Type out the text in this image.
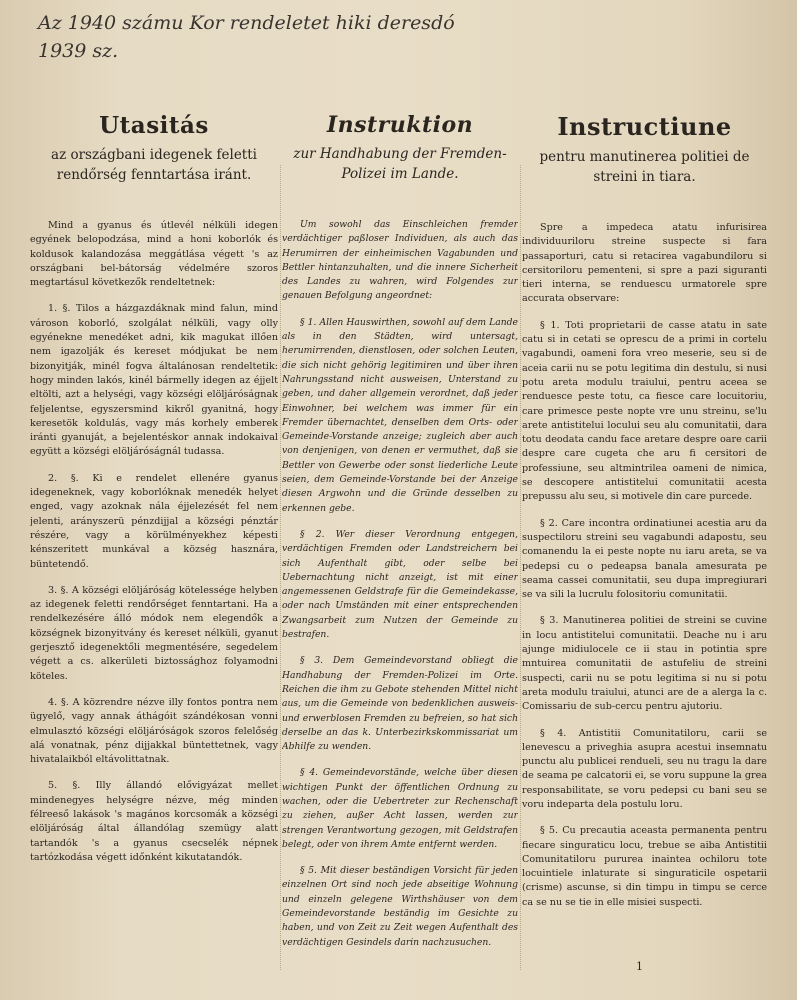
Az 1940 számu Kor rendeletet hiki deresdó
1939 sz.
Utasitás
az országbani idegenek feletti rendőrség fenntartása iránt.

Mind a gyanus és útlevél nélküli idegen egyének belopodzása, mind a honi koborlók és koldusok kalandozása meggátlása végett 's az országbani bel-bátorság védelmére szoros megtartásul következők rendeltetnek:

1. §. Tilos a házgazdáknak mind falun, mind városon koborló, szolgálat nélküli, vagy olly egyénekne menedéket adni, kik magukat illően nem igazolják és kereset módjukat be nem bizonyitják, minél fogva általánosan rendeltetik: hogy minden lakós, kinél bármelly idegen az éjjelt eltölti, azt a helységi, vagy községi elöljáróságnak feljelentse, egyszersmind kikről gyanitná, hogy keresetök koldulás, vagy más korhely emberek iránti gyanuját, a bejelentéskor annak indokaival együtt a községi elöljáróságnál tudassa.

2. §. Ki e rendelet ellenére gyanus idegeneknek, vagy koborlóknak menedék helyet enged, vagy azoknak nála éjjelezését fel nem jelenti, arányszerü pénzdijjal a községi pénztár részére, vagy a körülményekhez képesti kénszeritett munkával a község hasznára, büntetendő.

3. §. A községi elöljáróság kötelessége helyben az idegenek feletti rendőrséget fenntartani. Ha a rendelkezésére álló módok nem elegendők a községnek bizonyitvány és kereset nélküli, gyanut gerjesztő idegenektőli megmentésére, segedelem végett a cs. alkerületi biztossághoz folyamodni köteles.

4. §. A közrendre nézve illy fontos pontra nem ügyelő, vagy annak áthágóit szándékosan vonni elmulasztó községi elöljáróságok szoros felelőség alá vonatnak, pénz dijjakkal büntettetnek, vagy hivatalaikból eltávolittatnak.

5. §. Illy állandó elővigyázat mellet mindenegyes helységre nézve, még minden félreeső lakások 's magános korcsomák a községi elöljáróság által állandólag szemügy alatt tartandók 's a gyanus csecselék népnek tartózkodása végett időnként kikutatandók.

Instruktion
zur Handhabung der Fremden-Polizei im Lande.

Um sowohl das Einschleichen fremder verdächtiger paßloser Individuen, als auch das Herumirren der einheimischen Vagabunden und Bettler hintanzuhalten, und die innere Sicherheit des Landes zu wahren, wird Folgendes zur genauen Befolgung angeordnet:

§ 1. Allen Hauswirthen, sowohl auf dem Lande als in den Städten, wird untersagt, herumirrenden, dienstlosen, oder solchen Leuten, die sich nicht gehörig legitimiren und über ihren Nahrungsstand nicht ausweisen, Unterstand zu geben, und daher allgemein verordnet, daß jeder Einwohner, bei welchem was immer für ein Fremder übernachtet, denselben dem Orts- oder Gemeinde-Vorstande anzeige; zugleich aber auch von denjenigen, von denen er vermuthet, daß sie Bettler von Gewerbe oder sonst liederliche Leute seien, dem Gemeinde-Vorstande bei der Anzeige diesen Argwohn und die Gründe desselben zu erkennen gebe.

§ 2. Wer dieser Verordnung entgegen, verdächtigen Fremden oder Landstreichern bei sich Aufenthalt gibt, oder selbe bei Uebernachtung nicht anzeigt, ist mit einer angemessenen Geldstrafe für die Gemeindekasse, oder nach Umständen mit einer entsprechenden Zwangsarbeit zum Nutzen der Gemeinde zu bestrafen.

§ 3. Dem Gemeindevorstand obliegt die Handhabung der Fremden-Polizei im Orte. Reichen die ihm zu Gebote stehenden Mittel nicht aus, um die Gemeinde von bedenklichen ausweis- und erwerblosen Fremden zu befreien, so hat sich derselbe an das k. Unterbezirkskommissariat um Abhilfe zu wenden.

§ 4. Gemeindevorstände, welche über diesen wichtigen Punkt der öffentlichen Ordnung zu wachen, oder die Uebertreter zur Rechenschaft zu ziehen, außer Acht lassen, werden zur strengen Verantwortung gezogen, mit Geldstrafen belegt, oder von ihrem Amte entfernt werden.

§ 5. Mit dieser beständigen Vorsicht für jeden einzelnen Ort sind noch jede abseitige Wohnung und einzeln gelegene Wirthshäuser von dem Gemeindevorstande beständig im Gesichte zu haben, und von Zeit zu Zeit wegen Aufenthalt des verdächtigen Gesindels darin nachzusuchen.

Instructiune
pentru manutinerea politiei de streini in tiara.

Spre a impedeca atatu infurisirea individuuriloru streine suspecte si fara passaporturi, catu si retacirea vagabundiloru si cersitoriloru pementeni, si spre a pazi siguranti tieri interna, se renduescu urmatorele spre accurata observare:

§ 1. Toti proprietarii de casse atatu in sate catu si in cetati se oprescu de a primi in cortelu vagabundi, oameni fora vreo meserie, seu si de aceia carii nu se potu legitima din destulu, si nusi potu areta modulu traiului, pentru aceea se renduesce peste totu, ca fiesce care locuitoriu, care primesce peste nopte vre unu streinu, se'lu arete antistitelui locului seu alu comunitatii, dara totu deodata candu face aretare despre oare carii despre care cugeta che aru fi cersitori de professiune, seu altmintrilea oameni de nimica, se descopere antistitelui comunitatii acesta prepussu alu seu, si motivele din care purcede.

§ 2. Care incontra ordinatiunei acestia aru da suspectiloru streini seu vagabundi adapostu, seu comanendu la ei peste nopte nu iaru areta, se va pedepsi cu o pedeapsa banala amesurata pe seama cassei comunitatii, seu dupa impregiurari se va sili la lucrulu folositoriu comunitatii.

§ 3. Manutinerea politiei de streini se cuvine in locu antistitelui comunitatii. Deache nu i aru ajunge midiulocele ce ii stau in potintia spre mntuirea comunitatii de astufeliu de streini suspecti, carii nu se potu legitima si nu si potu areta modulu traiului, atunci are de a alerga la c. Comissariu de sub-cercu pentru ajutoriu.

§ 4. Antistitii Comunitatiloru, carii se lenevescu a priveghia asupra acestui insemnatu punctu alu publicei rendueli, seu nu tragu la dare de seama pe calcatorii ei, se voru suppune la grea responsabilitate, se voru pedepsi cu bani seu se voru indeparta dela postulu loru.

§ 5. Cu precautia aceasta permanenta pentru fiecare singuraticu locu, trebue se aiba Antistitii Comunitatiloru pururea inaintea ochiloru tote locuintiele inlaturate si singuraticile ospetarii (crisme) ascunse, si din timpu in timpu se cerce ca se nu se tie in elle misiei suspecti.

1
